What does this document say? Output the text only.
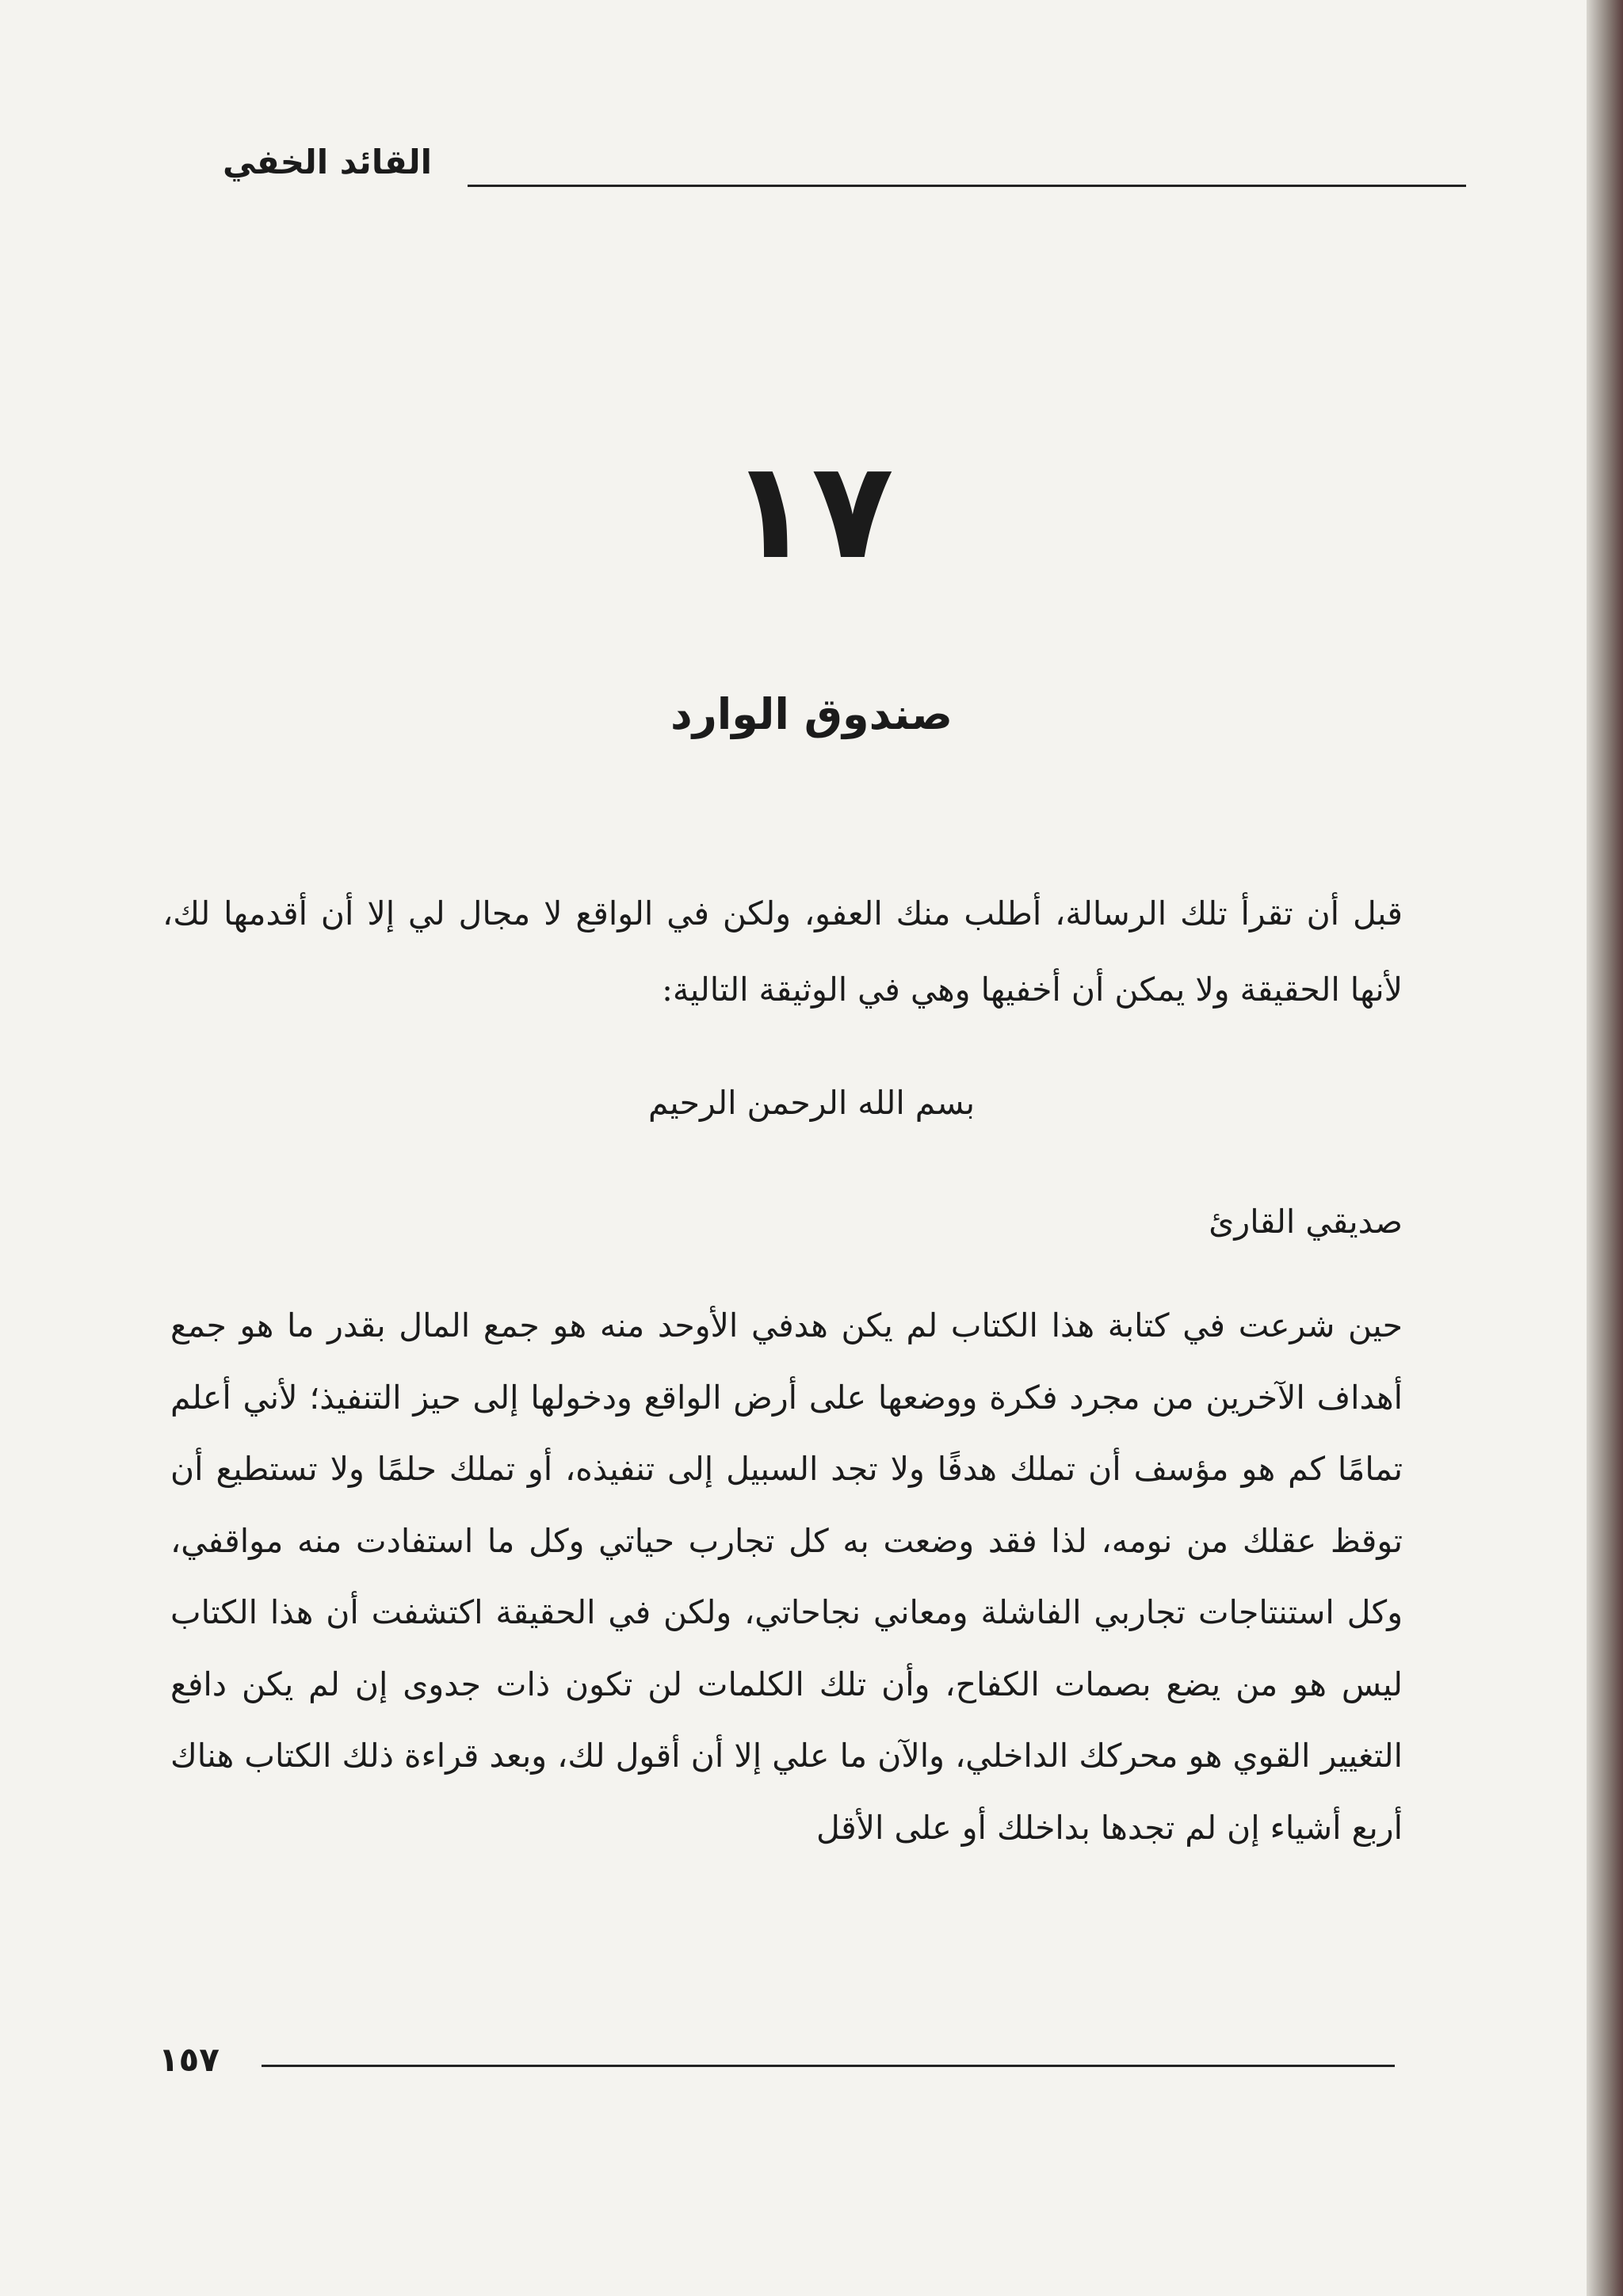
القائد الخفي
١٧
صندوق الوارد
قبل أن تقرأ تلك الرسالة، أطلب منك العفو، ولكن في الواقع لا مجال لي إلا أن أقدمها لك، لأنها الحقيقة ولا يمكن أن أخفيها وهي في الوثيقة التالية:
بسم الله الرحمن الرحيم
صديقي القارئ
حين شرعت في كتابة هذا الكتاب لم يكن هدفي الأوحد منه هو جمع المال بقدر ما هو جمع أهداف الآخرين من مجرد فكرة ووضعها على أرض الواقع ودخولها إلى حيز التنفيذ؛ لأني أعلم تمامًا كم هو مؤسف أن تملك هدفًا ولا تجد السبيل إلى تنفيذه، أو تملك حلمًا ولا تستطيع أن توقظ عقلك من نومه، لذا فقد وضعت به كل تجارب حياتي وكل ما استفادت منه مواقفي، وكل استنتاجات تجاربي الفاشلة ومعاني نجاحاتي، ولكن في الحقيقة اكتشفت أن هذا الكتاب ليس هو من يضع بصمات الكفاح، وأن تلك الكلمات لن تكون ذات جدوى إن لم يكن دافع التغيير القوي هو محركك الداخلي، والآن ما علي إلا أن أقول لك، وبعد قراءة ذلك الكتاب هناك أربع أشياء إن لم تجدها بداخلك أو على الأقل
١٥٧
